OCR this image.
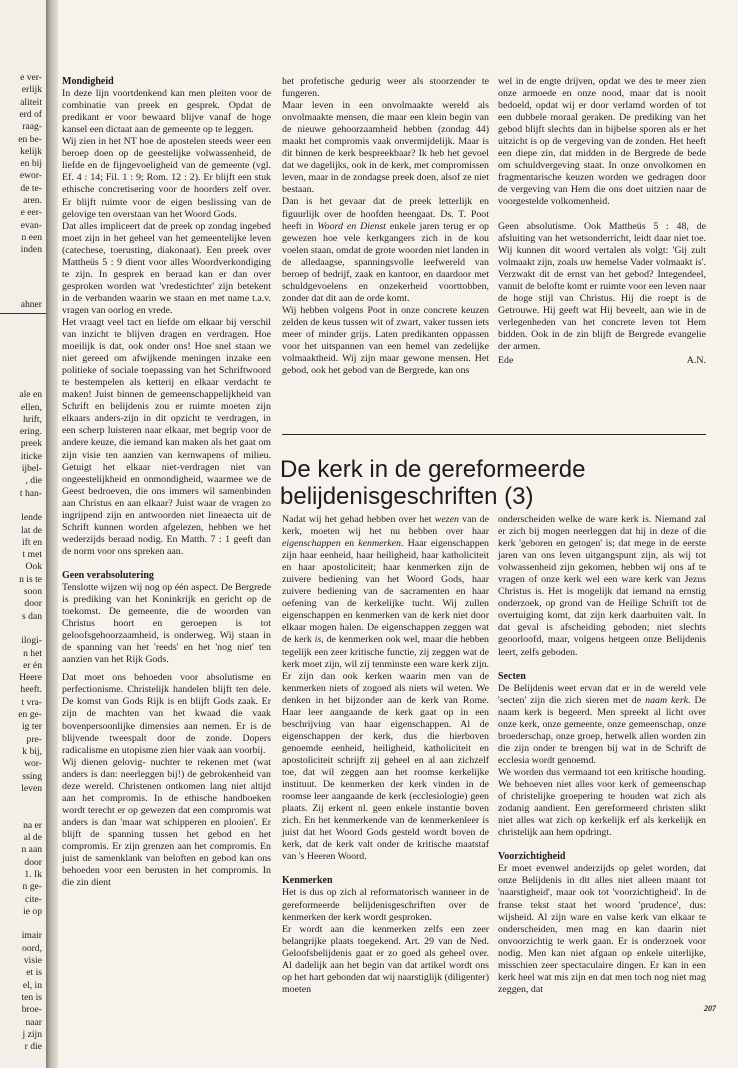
ahner
e ver-
erlijk
aliteit
erd of
raag-
en be-
kelijk
en bij
ewor-
de te-
aren.
e eer-
evan-
n een
inden
ale en
ellen,
hrift,
ering.
preek
iticke
ijbel-
, die
t han-
lende
lat de
ift en
t met
Ook
n is te
soon
door
s dan
ilogi-
n het
er én
Heere
heeft.
t vra-
en ge-
ig ter
pre-
k bij,
wor-
ssing
leven
na er
al de
n aan
door
1. Ik
n ge-
cite-
ie op
imair
oord,
visie
et is
el, in
ten is
broe-
naar
j zijn
r die
Mondigheid

In deze lijn voortdenkend kan men pleiten voor de combinatie van preek en gesprek. Opdat de predikant er voor bewaard blijve vanaf de hoge kansel een dictaat aan de gemeente op te leggen.

Wij zien in het NT hoe de apostelen steeds weer een beroep doen op de geestelijke volwassenheid, de liefde en de fijngevoeligheid van de gemeente (vgl. Ef. 4 : 14; Fil. 1 : 9; Rom. 12 : 2). Er blijft een stuk ethische concretisering voor de hoorders zelf over. Er blijft ruimte voor de eigen beslissing van de gelovige ten overstaan van het Woord Gods.

Dat alles impliceert dat de preek op zondag ingebed moet zijn in het geheel van het gemeentelijke leven (catechese, toerusting, diakonaat). Een preek over Mattheüs 5 : 9 dient voor alles Woordverkondiging te zijn. In gesprek en beraad kan er dan over gesproken worden wat 'vredestichter' zijn betekent in de verbanden waarin we staan en met name t.a.v. vragen van oorlog en vrede.

Het vraagt veel tact en liefde om elkaar bij verschil van inzicht te blijven dragen en verdragen. Hoe moeilijk is dat, ook onder ons! Hoe snel staan we niet gereed om afwijkende meningen inzake een politieke of sociale toepassing van het Schriftwoord te bestempelen als ketterij en elkaar verdacht te maken! Juist binnen de gemeenschappelijkheid van Schrift en belijdenis zou er ruimte moeten zijn elkaars anders-zijn in dit opzicht te verdragen, in een scherp luisteren naar elkaar, met begrip voor de andere keuze, die iemand kan maken als het gaat om zijn visie ten aanzien van kernwapens of milieu. Getuigt het elkaar niet-verdragen niet van ongeestelijkheid en onmondigheid, waarmee we de Geest bedroeven, die ons immers wil samenbinden aan Christus en aan elkaar? Juist waar de vragen zo ingrijpend zijn en antwoorden niet lineaecta uit de Schrift kunnen worden afgelezen, hebben we het wederzijds beraad nodig. En Matth. 7 : 1 geeft dan de norm voor ons spreken aan.

Geen verabsolutering

Tenslotte wijzen wij nog op één aspect. De Bergrede is prediking van het Koninkrijk en gericht op de toekomst. De gemeente, die de woorden van Christus hoort en geroepen is tot geloofsgehoorzaamheid, is onderweg. Wij staan in de spanning van het 'reeds' en het 'nog niet' ten aanzien van het Rijk Gods.

Dat moet ons behoeden voor absolutisme en perfectionisme. Christelijk handelen blijft ten dele. De komst van Gods Rijk is en blijft Gods zaak. Er zijn de machten van het kwaad die vaak bovenpersoonlijke dimensies aan nemen. Er is de blijvende tweespalt door de zonde. Dopers radicalisme en utopisme zien hier vaak aan voorbij.

Wij dienen gelovig- nuchter te rekenen met (wat anders is dan: neerleggen bij!) de gebrokenheid van deze wereld. Christenen ontkomen lang niet altijd aan het compromis. In de ethische handboeken wordt terecht er op gewezen dat een compromis wat anders is dan 'maar wat schipperen en plooien'. Er blijft de spanning tussen het gebod en het compromis. Er zijn grenzen aan het compromis. En juist de samenklank van beloften en gebod kan ons behoeden voor een berusten in het compromis. In die zin dient

het profetische gedurig weer als stoorzender te fungeren.

Maar leven in een onvolmaakte wereld als onvolmaakte mensen, die maar een klein begin van de nieuwe gehoorzaamheid hebben (zondag 44) maakt het compromis vaak onvermijdelijk. Maar is dit binnen de kerk bespreekbaar? Ik heb het gevoel dat we dagelijks, ook in de kerk, met compromissen leven, maar in de zondagse preek doen, alsof ze niet bestaan.

Dan is het gevaar dat de preek letterlijk en figuurlijk over de hoofden heengaat. Ds. T. Poot heeft in Woord en Dienst enkele jaren terug er op gewezen hoe vele kerkgangers zich in de kou voelen staan, omdat de grote woorden niet landen in de alledaagse, spanningsvolle leefwereld van beroep of bedrijf, zaak en kantoor, en daardoor met schuldgevoelens en onzekerheid voorttobben, zonder dat dit aan de orde komt.

Wij hebben volgens Poot in onze concrete keuzen zelden de keus tussen wit of zwart, vaker tussen iets meer of minder grijs. Laten predikanten oppassen voor het uitspannen van een hemel van zedelijke volmaaktheid. Wij zijn maar gewone mensen. Het gebod, ook het gebod van de Bergrede, kan ons

wel in de engte drijven, opdat we des te meer zien onze armoede en onze nood, maar dat is nooit bedoeld, opdat wij er door verlamd worden of tot een dubbele moraal geraken. De prediking van het gebod blijft slechts dan in bijbelse sporen als er het uitzicht is op de vergeving van de zonden. Het heeft een diepe zin, dat midden in de Bergrede de bede om schuldvergeving staat. In onze onvolkomen en fragmentarische keuzen worden we gedragen door de vergeving van Hem die ons doet uitzien naar de voorgestelde volkomenheid.

Geen absolutisme. Ook Mattheüs 5 : 48, de afsluiting van het wetsonderricht, leidt daar niet toe. Wij kunnen dit woord vertalen als volgt: 'Gij zult volmaakt zijn, zoals uw hemelse Vader volmaakt is'. Verzwakt dit de ernst van het gebod? Integendeel, vanuit de belofte komt er ruimte voor een leven naar de hoge stijl van Christus. Hij die roept is de Getrouwe. Hij geeft wat Hij beveelt, aan wie in de verlegenheden van het concrete leven tot Hem bidden. Ook in de zin blijft de Bergrede evangelie der armen.

Ede	A.N.
De kerk in de gereformeerde belijdenisgeschriften (3)

Nadat wij het gehad hebben over het wezen van de kerk, moeten wij het nu hebben over haar eigenschappen en kenmerken. Haar eigenschappen zijn haar eenheid, haar heiligheid, haar katholiciteit en haar apostoliciteit; haar kenmerken zijn de zuivere bediening van het Woord Gods, haar zuivere bediening van de sacramenten en haar oefening van de kerkelijke tucht. Wij zullen eigenschappen en kenmerken van de kerk niet door elkaar mogen halen. De eigenschappen zeggen wat de kerk is, de kenmerken ook wel, maar die hebben tegelijk een zeer kritische functie, zij zeggen wat de kerk moet zijn, wil zij tenminste een ware kerk zijn. Er zijn dan ook kerken waarin men van de kenmerken niets of zogoed als niets wil weten. We denken in het bijzonder aan de kerk van Rome. Haar leer aangaande de kerk gaat op in een beschrijving van haar eigenschappen. Al de eigenschappen der kerk, dus die hierboven genoemde eenheid, heiligheid, katholiciteit en apostoliciteit schrijft zij geheel en al aan zichzelf toe, dat wil zeggen aan het roomse kerkelijke instituut. De kenmerken der kerk vinden in de roomse leer aangaande de kerk (ecclesiologie) geen plaats. Zij erkent nl. geen enkele instantie boven zich. En het kenmerkende van de kenmerkenleer is juist dat het Woord Gods gesteld wordt boven de kerk, dat de kerk valt onder de kritische maatstaf van 's Heeren Woord.

Kenmerken

Het is dus op zich al reformatorisch wanneer in de gereformeerde belijdenisgeschriften over de kenmerken der kerk wordt gesproken.

Er wordt aan die kenmerken zelfs een zeer belangrijke plaats toegekend. Art. 29 van de Ned. Geloofsbelijdenis gaat er zo goed als geheel over. Al dadelijk aan het begin van dat artikel wordt ons op het hart gebonden dat wij naarstiglijk (diligenter) moeten

onderscheiden welke de ware kerk is. Niemand zal er zich bij mogen neerleggen dat hij in deze of die kerk 'geboren en getogen' is; dat mege in de eerste jaren van ons leven uitgangspunt zijn, als wij tot volwassenheid zijn gekomen, hebben wij ons af te vragen of onze kerk wel een ware kerk van Jezus Christus is. Het is mogelijk dat iemand na ernstig onderzoek, op grond van de Heilige Schrift tot de overtuiging komt, dat zijn kerk daarbuiten valt. In dat geval is afscheiding geboden; niet slechts geoorloofd, maar, volgens hetgeen onze Belijdenis leert, zelfs geboden.

Secten

De Belijdenis weet ervan dat er in de wereld vele 'secten' zijn die zich sieren met de naam kerk. De naam kerk is begeerd. Men spreekt al licht over onze kerk, onze gemeente, onze gemeenschap, onze broederschap, onze groep, hetwelk allen worden zin die zijn onder te brengen bij wat in de Schrift de ecclesia wordt genoemd.

We worden dus vermaand tot een kritische houding. We behoeven niet alles voor kerk of gemeenschap of christelijke groepering te houden wat zich als zodanig aandient. Een gereformeerd christen slikt niet alles wat zich op kerkelijk erf als kerkelijk en christelijk aan hem opdringt.

Voorzichtigheid

Er moet evenwel anderzijds op gelet worden, dat onze Belijdenis in dit alles niet alleen maant tot 'naarstigheid', maar ook tot 'voorzichtigheid'. In de franse tekst staat het woord 'prudence', dus: wijsheid. Al zijn ware en valse kerk van elkaar te onderscheiden, men mag en kan daarin niet onvoorzichtig te werk gaan. Er is onderzoek voor nodig. Men kan niet afgaan op enkele uiterlijke, misschien zeer spectaculaire dingen. Er kan in een kerk heel wat mis zijn en dat men toch nog niet mag zeggen, dat

207
